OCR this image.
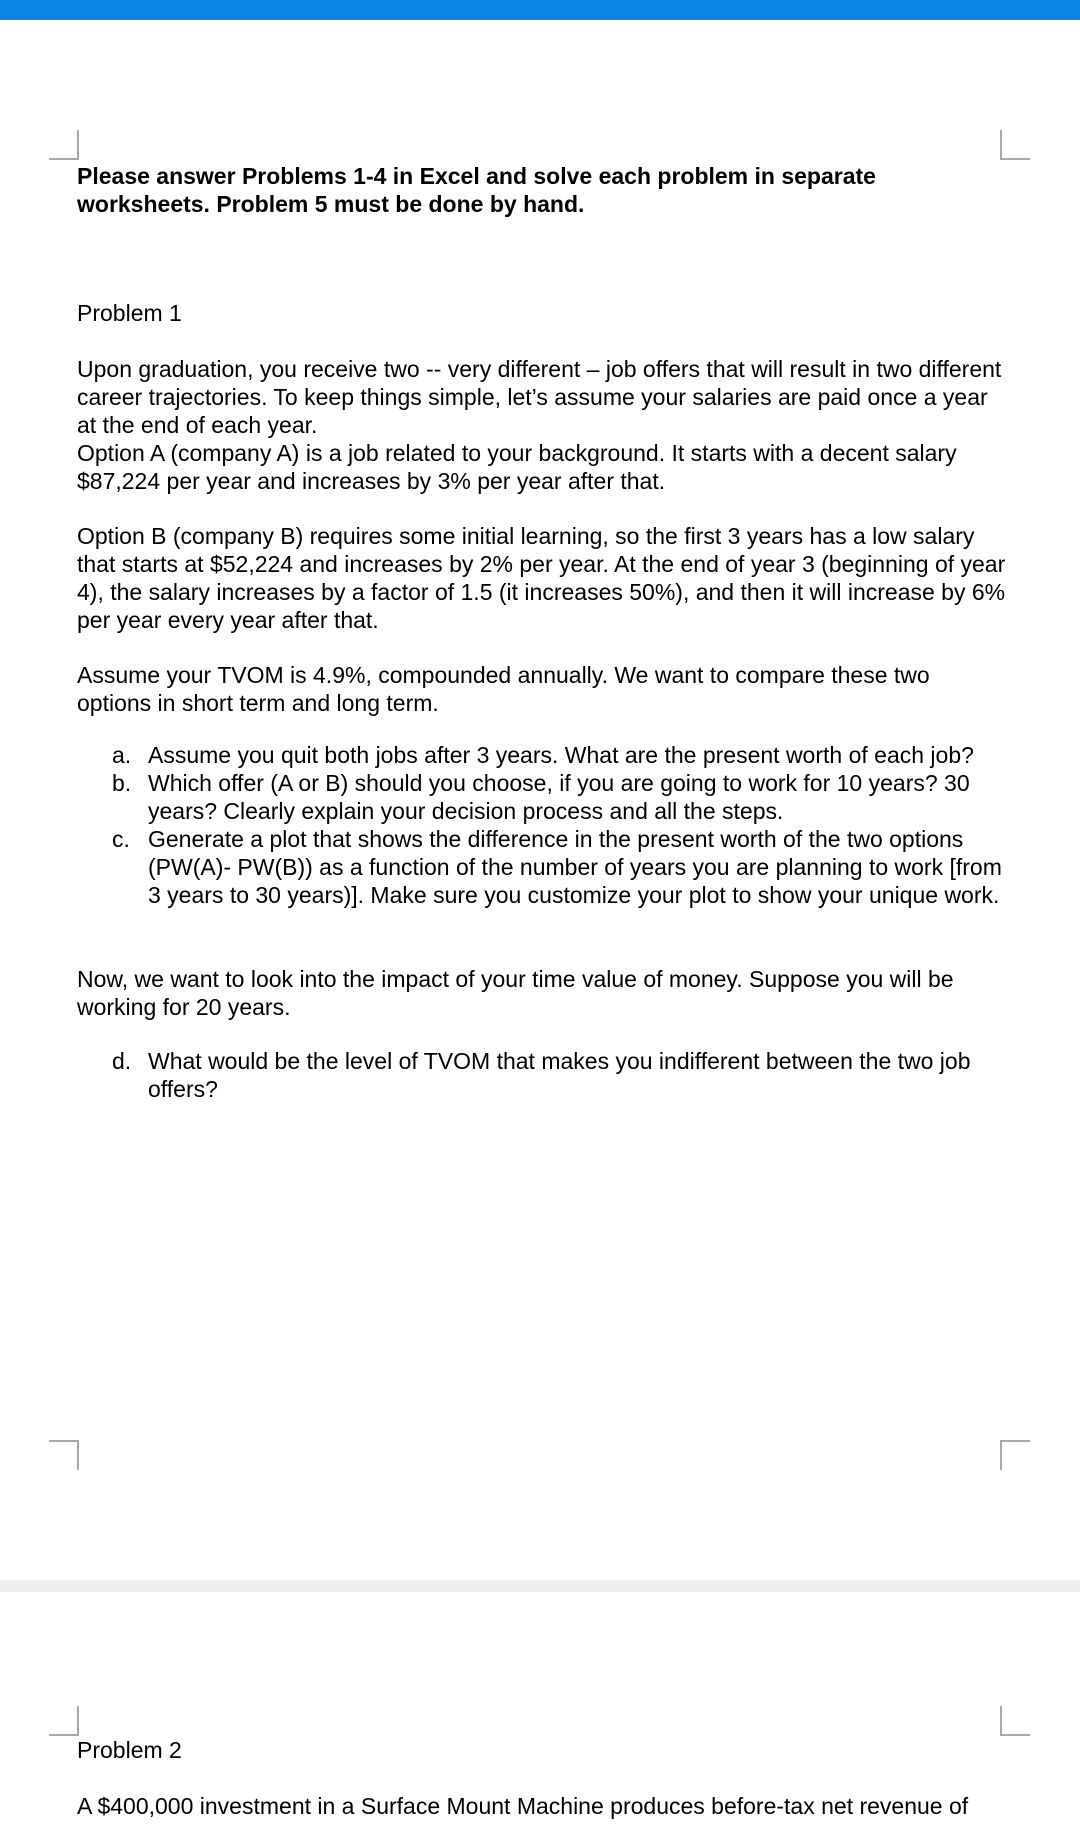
Please answer Problems 1-4 in Excel and solve each problem in separate worksheets. Problem 5 must be done by hand.
Problem 1
Upon graduation, you receive two -- very different – job offers that will result in two different career trajectories. To keep things simple, let’s assume your salaries are paid once a year at the end of each year.
Option A (company A) is a job related to your background. It starts with a decent salary $87,224 per year and increases by 3% per year after that.
Option B (company B) requires some initial learning, so the first 3 years has a low salary that starts at $52,224 and increases by 2% per year. At the end of year 3 (beginning of year 4), the salary increases by a factor of 1.5 (it increases 50%), and then it will increase by 6% per year every year after that.
Assume your TVOM is 4.9%, compounded annually. We want to compare these two options in short term and long term.
a. Assume you quit both jobs after 3 years. What are the present worth of each job?
b. Which offer (A or B) should you choose, if you are going to work for 10 years? 30 years? Clearly explain your decision process and all the steps.
c. Generate a plot that shows the difference in the present worth of the two options (PW(A)- PW(B)) as a function of the number of years you are planning to work [from 3 years to 30 years)]. Make sure you customize your plot to show your unique work.
Now, we want to look into the impact of your time value of money. Suppose you will be working for 20 years.
d. What would be the level of TVOM that makes you indifferent between the two job offers?
Problem 2
A $400,000 investment in a Surface Mount Machine produces before-tax net revenue of
